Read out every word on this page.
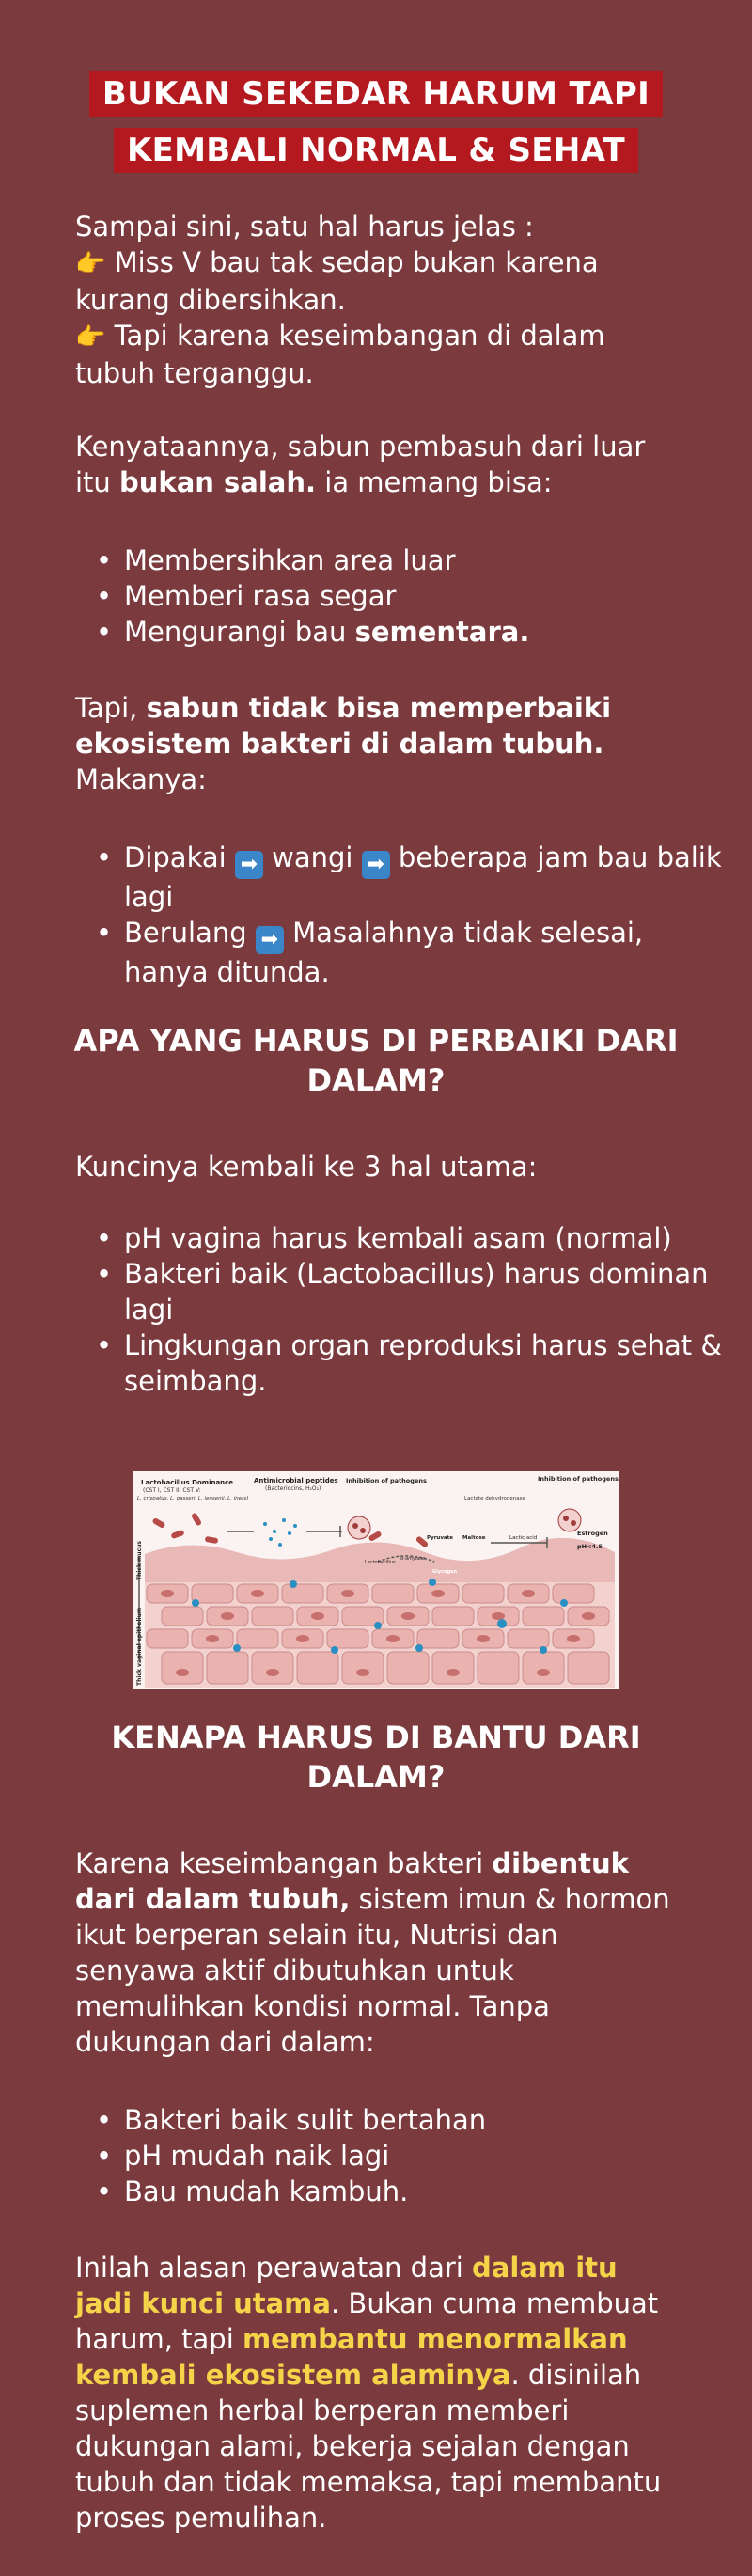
BUKAN SEKEDAR HARUM TAPI
KEMBALI NORMAL & SEHAT

Sampai sini, satu hal harus jelas :

👉 Miss V bau tak sedap bukan karena kurang dibersihkan.

👉 Tapi karena keseimbangan di dalam tubuh terganggu.

Kenyataannya, sabun pembasuh dari luar itu bukan salah. ia memang bisa:

• Membersihkan area luar
• Memberi rasa segar
• Mengurangi bau sementara.

Tapi, sabun tidak bisa memperbaiki ekosistem bakteri di dalam tubuh.

Makanya:

• Dipakai ➡ wangi ➡ beberapa jam bau balik lagi
• Berulang ➡ Masalahnya tidak selesai, hanya ditunda.
APA YANG HARUS DI PERBAIKI DARI DALAM?

Kuncinya kembali ke 3 hal utama:

• pH vagina harus kembali asam (normal)
• Bakteri baik (Lactobacillus) harus dominan lagi
• Lingkungan organ reproduksi harus sehat & seimbang.
Lactobacillus Dominance
(CST I, CST II, CST V:
L. crispatus, L. gasseri, L. jensenii, L. iners)
Antimicrobial peptides
(Bacteriocins, H₂O₂)
Inhibition of pathogens	Inhibition of pathogens
Lactate dehydrogenase
Pyruvate Maltose	Lactic acid
Estrogen
pH<4.5
Lactobacillus
α-amylase
Glycogen
Thick mucus
Thick vaginal epithelium
KENAPA HARUS DI BANTU DARI DALAM?

Karena keseimbangan bakteri dibentuk dari dalam tubuh, sistem imun & hormon ikut berperan selain itu, Nutrisi dan senyawa aktif dibutuhkan untuk memulihkan kondisi normal. Tanpa dukungan dari dalam:

• Bakteri baik sulit bertahan
• pH mudah naik lagi
• Bau mudah kambuh.

Inilah alasan perawatan dari dalam itu jadi kunci utama. Bukan cuma membuat harum, tapi membantu menormalkan kembali ekosistem alaminya. disinilah suplemen herbal berperan memberi dukungan alami, bekerja sejalan dengan tubuh dan tidak memaksa, tapi membantu proses pemulihan.
